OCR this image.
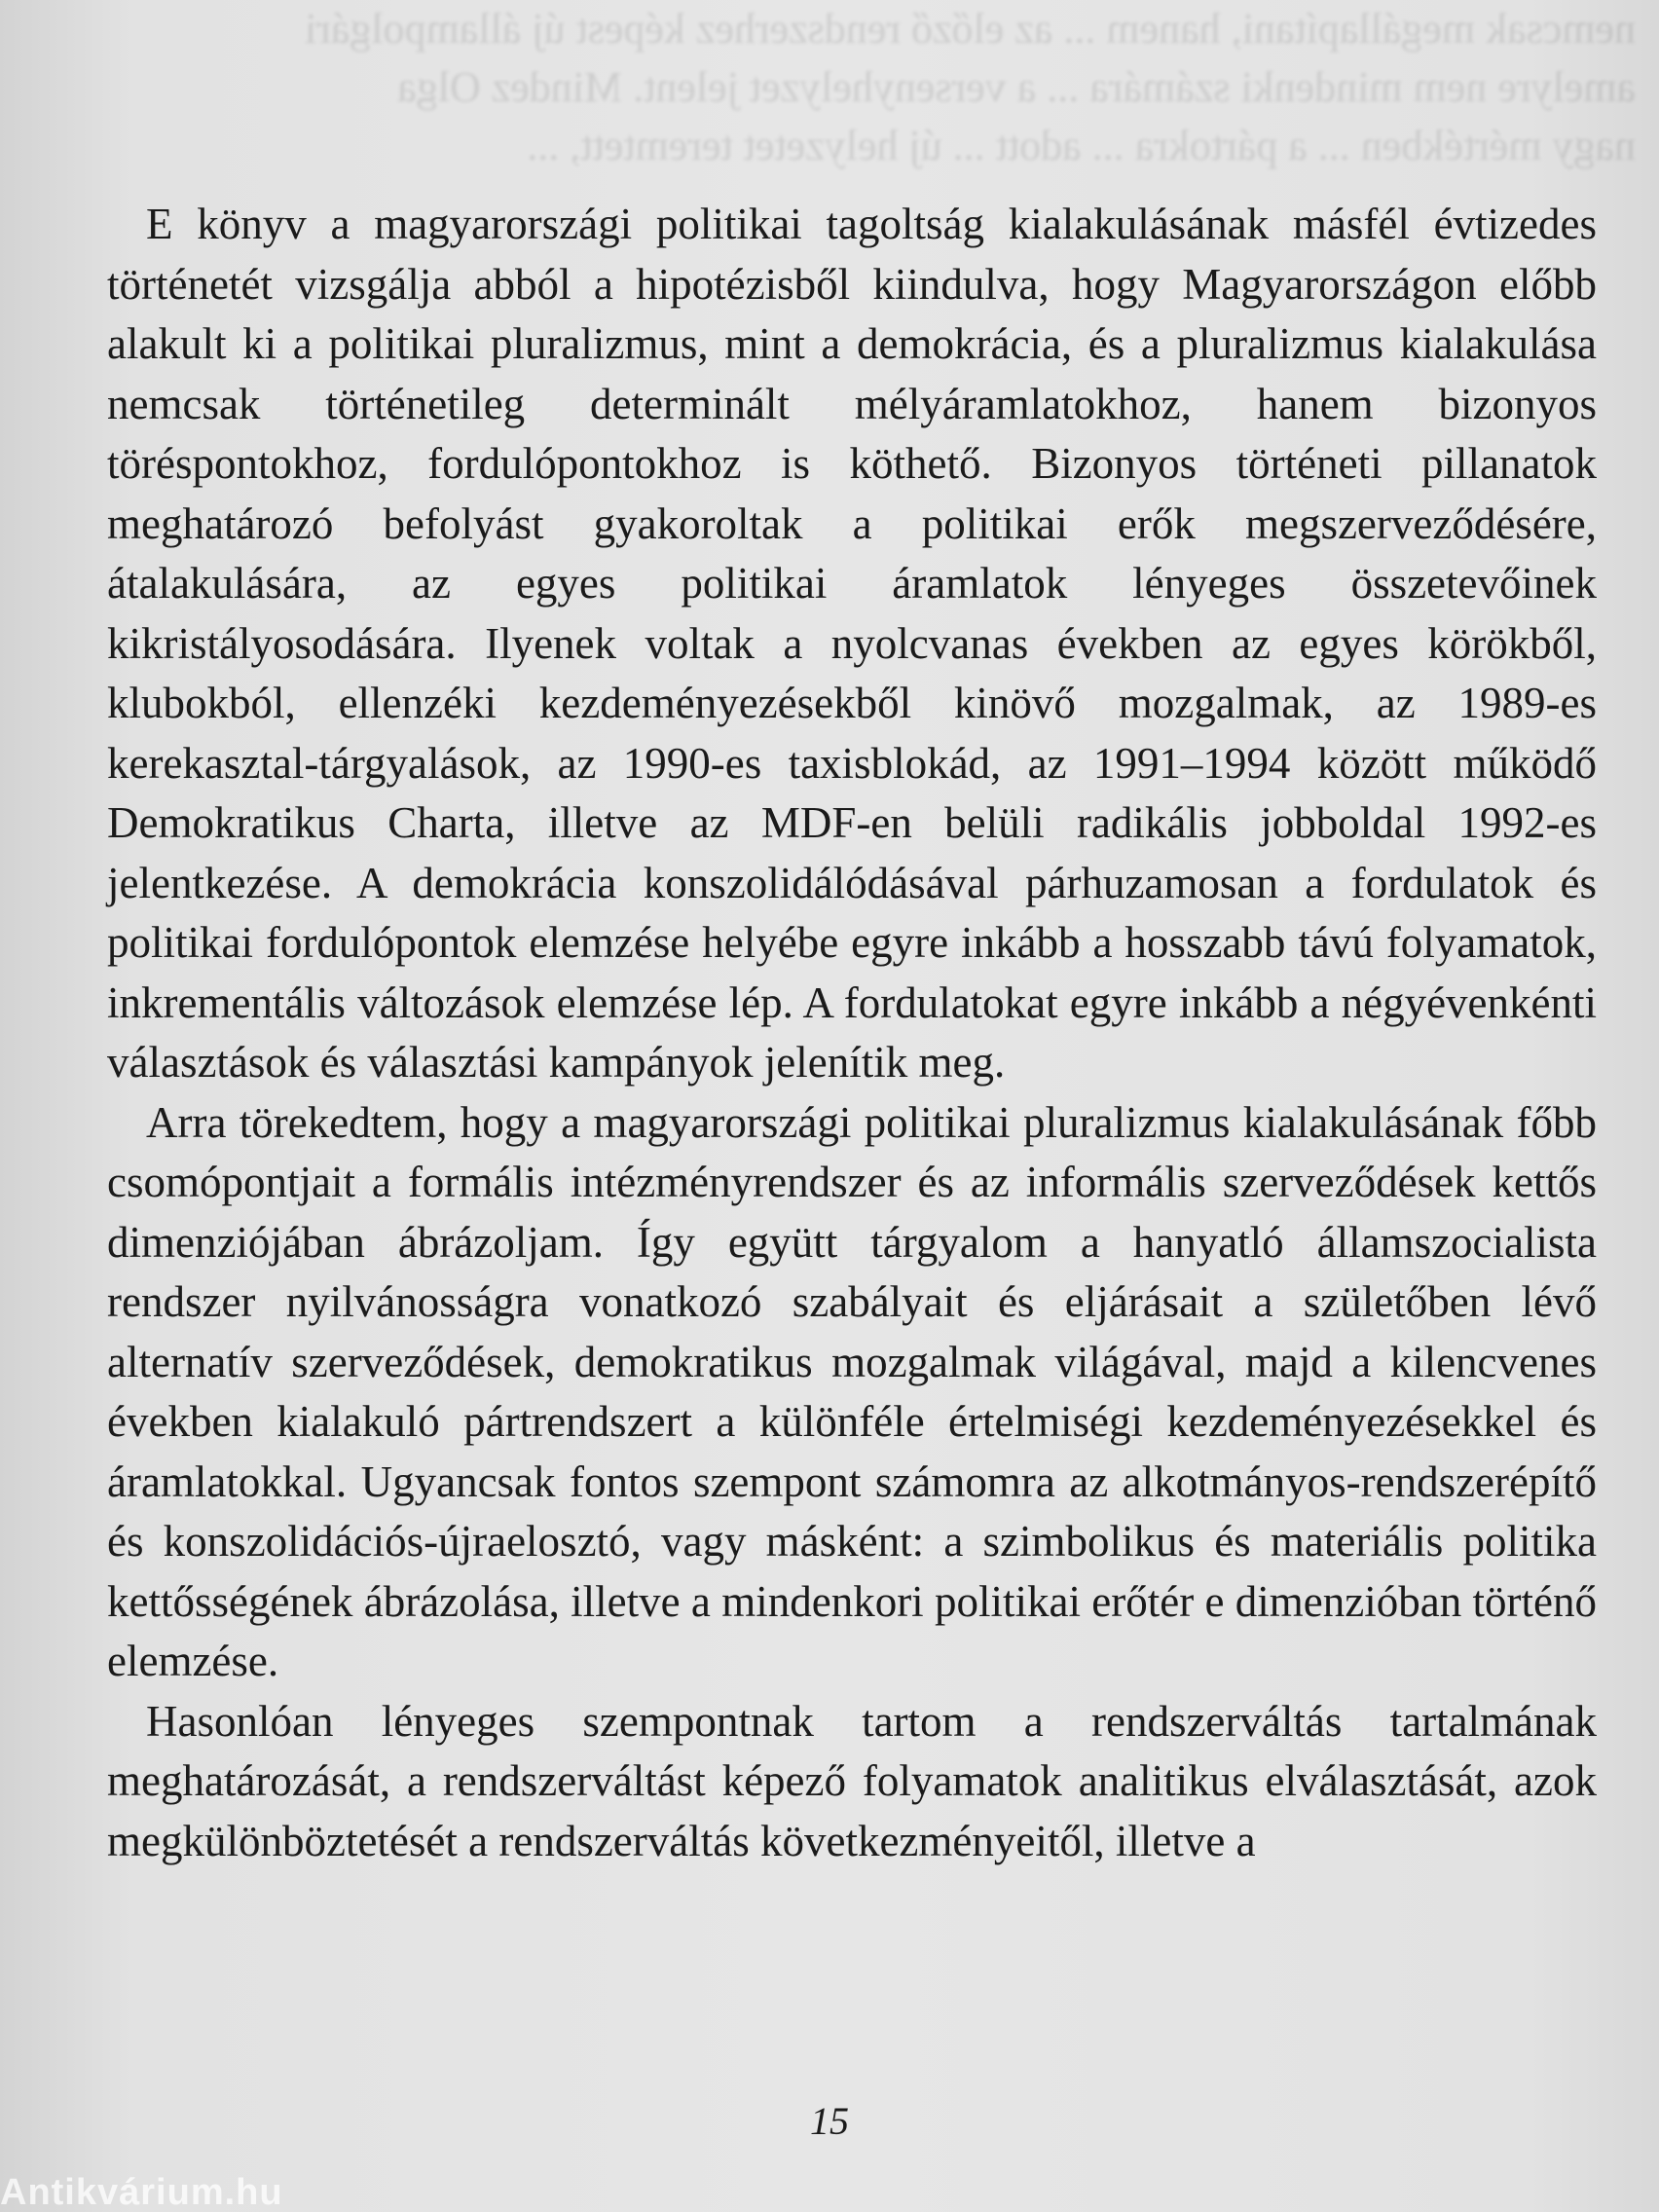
nemcsak megállapítani, hanem ... az előző rendszerhez képest új állampolgári
amelyre nem mindenki számára ... a versenyhelyzet jelent. Mindez Olga
nagy mértékben ... a pártokra ... adott ... új helyzetet teremtett, ...

E könyv a magyarországi politikai tagoltság kialakulásának másfél évtizedes történetét vizsgálja abból a hipotézisből kiindulva, hogy Magyarországon előbb alakult ki a politikai pluralizmus, mint a demokrácia, és a pluralizmus kialakulása nemcsak történetileg determinált mélyáramlatokhoz, hanem bizonyos töréspontokhoz, fordulópontokhoz is köthető. Bizonyos történeti pillanatok meghatározó befolyást gyakoroltak a politikai erők megszerveződésére, átalakulására, az egyes politikai áramlatok lényeges összetevőinek kikristályosodására. Ilyenek voltak a nyolcvanas években az egyes körökből, klubokból, ellenzéki kezdeményezésekből kinövő mozgalmak, az 1989-es kerekasztal-tárgyalások, az 1990-es taxisblokád, az 1991–1994 között működő Demokratikus Charta, illetve az MDF-en belüli radikális jobboldal 1992-es jelentkezése. A demokrácia konszolidálódásával párhuzamosan a fordulatok és politikai fordulópontok elemzése helyébe egyre inkább a hosszabb távú folyamatok, inkrementális változások elemzése lép. A fordulatokat egyre inkább a négyévenkénti választások és választási kampányok jelenítik meg.

Arra törekedtem, hogy a magyarországi politikai pluralizmus kialakulásának főbb csomópontjait a formális intézményrendszer és az informális szerveződések kettős dimenziójában ábrázoljam. Így együtt tárgyalom a hanyatló államszocialista rendszer nyilvánosságra vonatkozó szabályait és eljárásait a születőben lévő alternatív szerveződések, demokratikus mozgalmak világával, majd a kilencvenes években kialakuló pártrendszert a különféle értelmiségi kezdeményezésekkel és áramlatokkal. Ugyancsak fontos szempont számomra az alkotmányos-rendszerépítő és konszolidációs-újraelosztó, vagy másként: a szimbolikus és materiális politika kettősségének ábrázolása, illetve a mindenkori politikai erőtér e dimenzióban történő elemzése.

Hasonlóan lényeges szempontnak tartom a rendszerváltás tartalmának meghatározását, a rendszerváltást képező folyamatok analitikus elválasztását, azok megkülönböztetését a rendszerváltás következményeitől, illetve a

15
Antikvárium.hu
